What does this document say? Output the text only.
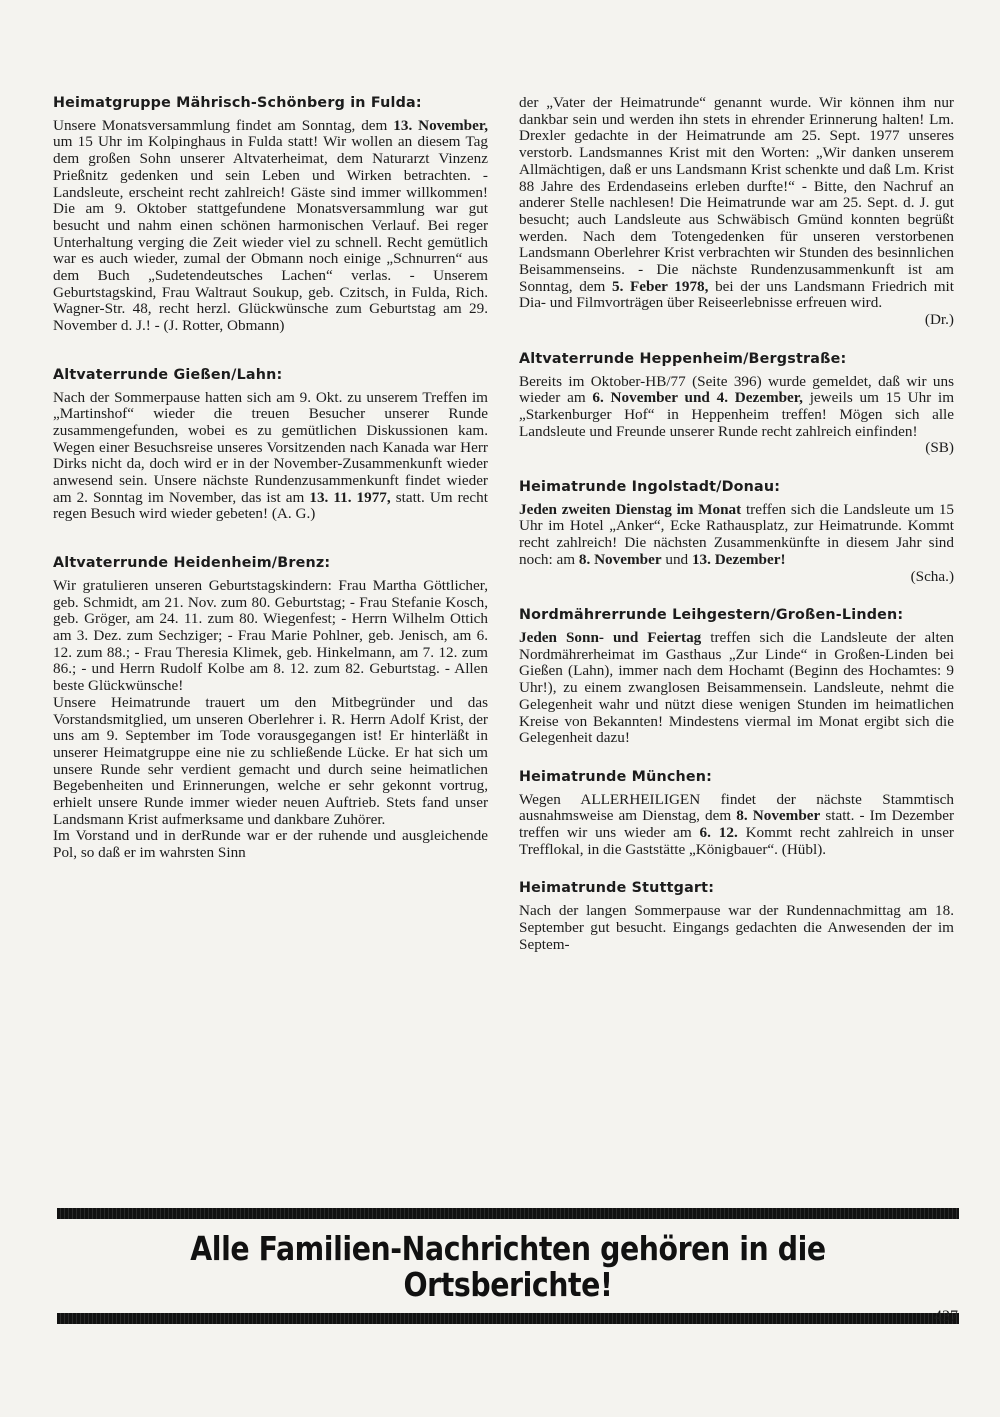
Heimatgruppe Mährisch-Schönberg in Fulda:

Unsere Monatsversammlung findet am Sonntag, dem 13. November, um 15 Uhr im Kolpinghaus in Fulda statt! Wir wollen an diesem Tag dem großen Sohn unserer Altvaterheimat, dem Naturarzt Vinzenz Prießnitz gedenken und sein Leben und Wirken betrachten. - Landsleute, erscheint recht zahlreich! Gäste sind immer willkommen! Die am 9. Oktober stattgefundene Monatsversammlung war gut besucht und nahm einen schönen harmonischen Verlauf. Bei reger Unterhaltung verging die Zeit wieder viel zu schnell. Recht gemütlich war es auch wieder, zumal der Obmann noch einige „Schnurren“ aus dem Buch „Sudetendeutsches Lachen“ verlas. - Unserem Geburtstagskind, Frau Waltraut Soukup, geb. Czitsch, in Fulda, Rich. Wagner-Str. 48, recht herzl. Glückwünsche zum Geburtstag am 29. November d. J.! - (J. Rotter, Obmann)

Altvaterrunde Gießen/Lahn:

Nach der Sommerpause hatten sich am 9. Okt. zu unserem Treffen im „Martinshof“ wieder die treuen Besucher unserer Runde zusammengefunden, wobei es zu gemütlichen Diskussionen kam. Wegen einer Besuchsreise unseres Vorsitzenden nach Kanada war Herr Dirks nicht da, doch wird er in der November-Zusammenkunft wieder anwesend sein. Unsere nächste Rundenzusammenkunft findet wieder am 2. Sonntag im November, das ist am 13. 11. 1977, statt. Um recht regen Besuch wird wieder gebeten! (A. G.)

Altvaterrunde Heidenheim/Brenz:

Wir gratulieren unseren Geburtstagskindern: Frau Martha Göttlicher, geb. Schmidt, am 21. Nov. zum 80. Geburtstag; - Frau Stefanie Kosch, geb. Gröger, am 24. 11. zum 80. Wiegenfest; - Herrn Wilhelm Ottich am 3. Dez. zum Sechziger; - Frau Marie Pohlner, geb. Jenisch, am 6. 12. zum 88.; - Frau Theresia Klimek, geb. Hinkelmann, am 7. 12. zum 86.; - und Herrn Rudolf Kolbe am 8. 12. zum 82. Geburtstag. - Allen beste Glückwünsche!
Unsere Heimatrunde trauert um den Mitbegründer und das Vorstandsmitglied, um unseren Oberlehrer i. R. Herrn Adolf Krist, der uns am 9. September im Tode vorausgegangen ist! Er hinterläßt in unserer Heimatgruppe eine nie zu schließende Lücke. Er hat sich um unsere Runde sehr verdient gemacht und durch seine heimatlichen Begebenheiten und Erinnerungen, welche er sehr gekonnt vortrug, erhielt unsere Runde immer wieder neuen Auftrieb. Stets fand unser Landsmann Krist aufmerksame und dankbare Zuhörer.
Im Vorstand und in derRunde war er der ruhende und ausgleichende Pol, so daß er im wahrsten Sinn

der „Vater der Heimatrunde“ genannt wurde. Wir können ihm nur dankbar sein und werden ihn stets in ehrender Erinnerung halten! Lm. Drexler gedachte in der Heimatrunde am 25. Sept. 1977 unseres verstorb. Landsmannes Krist mit den Worten: „Wir danken unserem Allmächtigen, daß er uns Landsmann Krist schenkte und daß Lm. Krist 88 Jahre des Erdendaseins erleben durfte!“ - Bitte, den Nachruf an anderer Stelle nachlesen! Die Heimatrunde war am 25. Sept. d. J. gut besucht; auch Landsleute aus Schwäbisch Gmünd konnten begrüßt werden. Nach dem Totengedenken für unseren verstorbenen Landsmann Oberlehrer Krist verbrachten wir Stunden des besinnlichen Beisammenseins. - Die nächste Rundenzusammenkunft ist am Sonntag, dem 5. Feber 1978, bei der uns Landsmann Friedrich mit Dia- und Filmvorträgen über Reiseerlebnisse erfreuen wird.
(Dr.)

Altvaterrunde Heppenheim/Bergstraße:

Bereits im Oktober-HB/77 (Seite 396) wurde gemeldet, daß wir uns wieder am 6. November und 4. Dezember, jeweils um 15 Uhr im „Starkenburger Hof“ in Heppenheim treffen! Mögen sich alle Landsleute und Freunde unserer Runde recht zahlreich einfinden!
(SB)

Heimatrunde Ingolstadt/Donau:

Jeden zweiten Dienstag im Monat treffen sich die Landsleute um 15 Uhr im Hotel „Anker“, Ecke Rathausplatz, zur Heimatrunde. Kommt recht zahlreich! Die nächsten Zusammenkünfte in diesem Jahr sind noch: am 8. November und 13. Dezember!
(Scha.)

Nordmährerrunde Leihgestern/Großen-Linden:

Jeden Sonn- und Feiertag treffen sich die Landsleute der alten Nordmährerheimat im Gasthaus „Zur Linde“ in Großen-Linden bei Gießen (Lahn), immer nach dem Hochamt (Beginn des Hochamtes: 9 Uhr!), zu einem zwanglosen Beisammensein. Landsleute, nehmt die Gelegenheit wahr und nützt diese wenigen Stunden im heimatlichen Kreise von Bekannten! Mindestens viermal im Monat ergibt sich die Gelegenheit dazu!

Heimatrunde München:

Wegen ALLERHEILIGEN findet der nächste Stammtisch ausnahmsweise am Dienstag, dem 8. November statt. - Im Dezember treffen wir uns wieder am 6. 12. Kommt recht zahlreich in unser Trefflokal, in die Gaststätte „Königbauer“. (Hübl).

Heimatrunde Stuttgart:

Nach der langen Sommerpause war der Rundennachmittag am 18. September gut besucht. Eingangs gedachten die Anwesenden der im Septem-

Alle Familien-Nachrichten gehören in die Ortsberichte!
437
